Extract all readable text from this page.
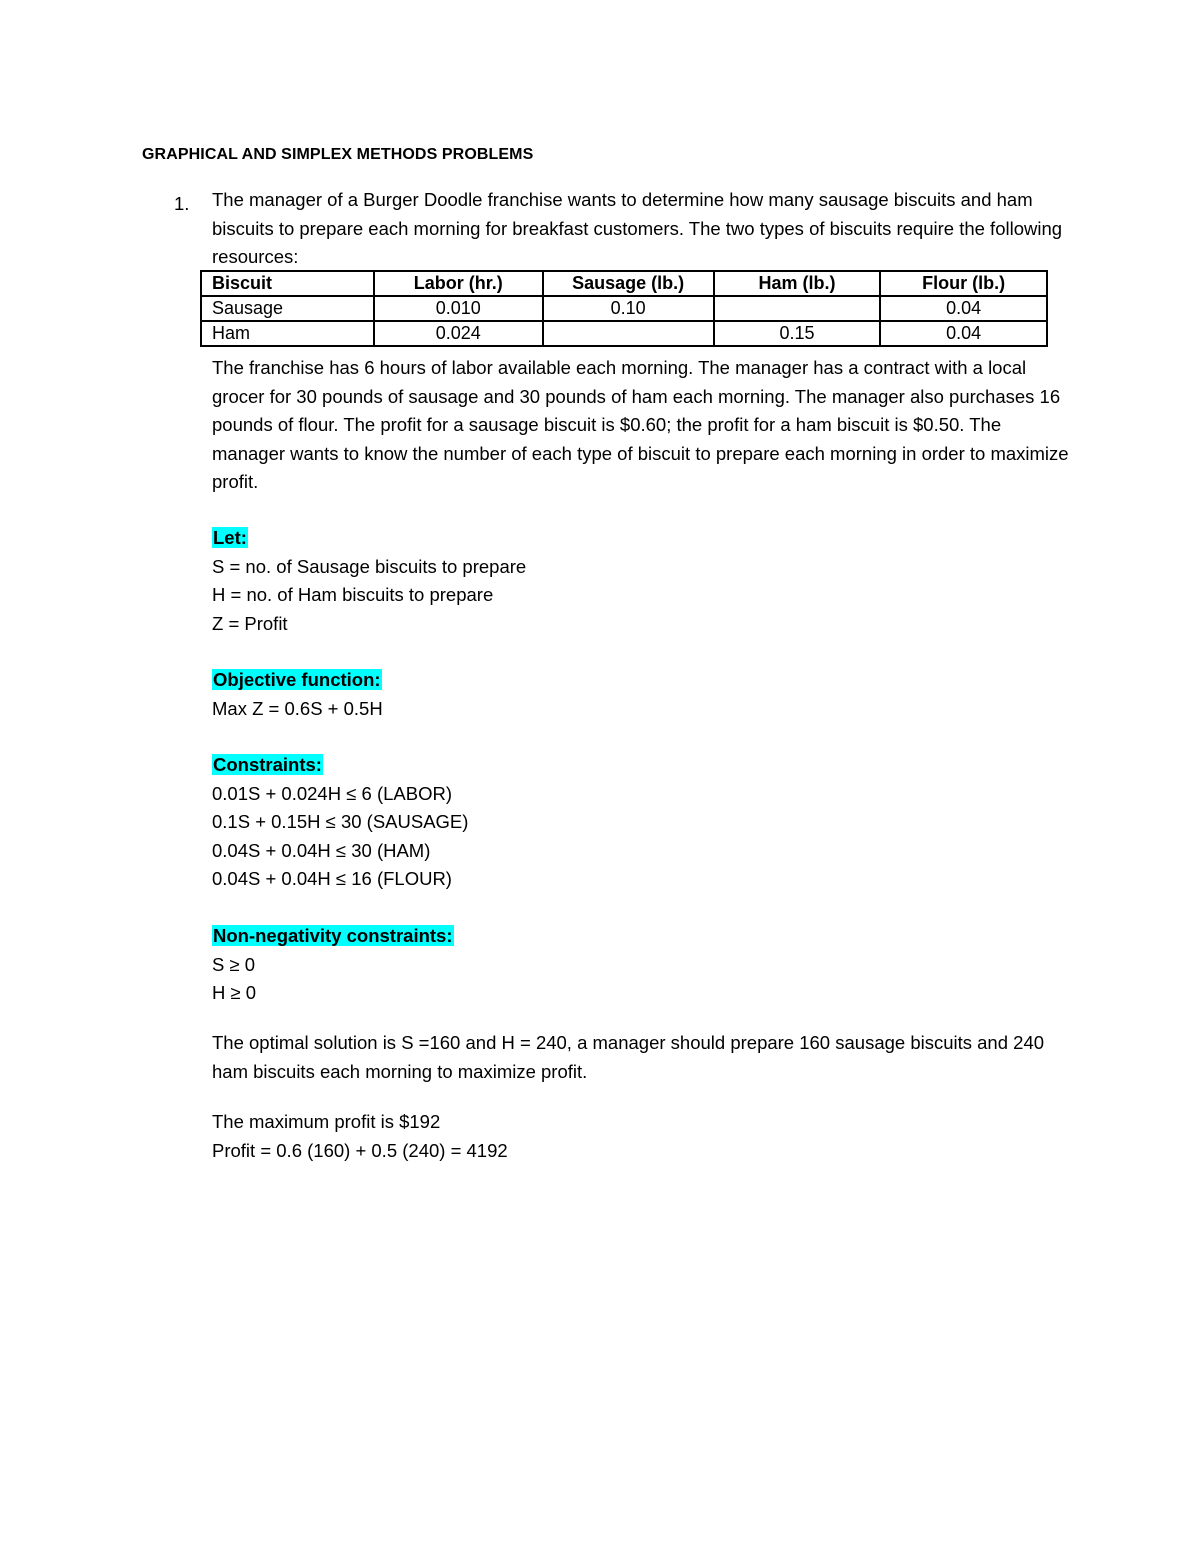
GRAPHICAL AND SIMPLEX METHODS PROBLEMS
1. The manager of a Burger Doodle franchise wants to determine how many sausage biscuits and ham biscuits to prepare each morning for breakfast customers. The two types of biscuits require the following resources:
Biscuit	Labor (hr.)	Sausage (lb.)	Ham (lb.)	Flour (lb.)
Sausage	0.010	0.10		0.04
Ham	0.024		0.15	0.04
The franchise has 6 hours of labor available each morning. The manager has a contract with a local grocer for 30 pounds of sausage and 30 pounds of ham each morning. The manager also purchases 16 pounds of flour. The profit for a sausage biscuit is $0.60; the profit for a ham biscuit is $0.50. The manager wants to know the number of each type of biscuit to prepare each morning in order to maximize profit.
Let:
S = no. of Sausage biscuits to prepare
H = no. of Ham biscuits to prepare
Z = Profit
Objective function:
Max Z = 0.6S + 0.5H
Constraints:
0.01S + 0.024H ≤ 6 (LABOR)
0.1S + 0.15H ≤ 30 (SAUSAGE)
0.04S + 0.04H ≤ 30 (HAM)
0.04S + 0.04H ≤ 16 (FLOUR)
Non-negativity constraints:
S ≥ 0
H ≥ 0
The optimal solution is S =160 and H = 240, a manager should prepare 160 sausage biscuits and 240 ham biscuits each morning to maximize profit.
The maximum profit is $192
Profit = 0.6 (160) + 0.5 (240) = 4192
